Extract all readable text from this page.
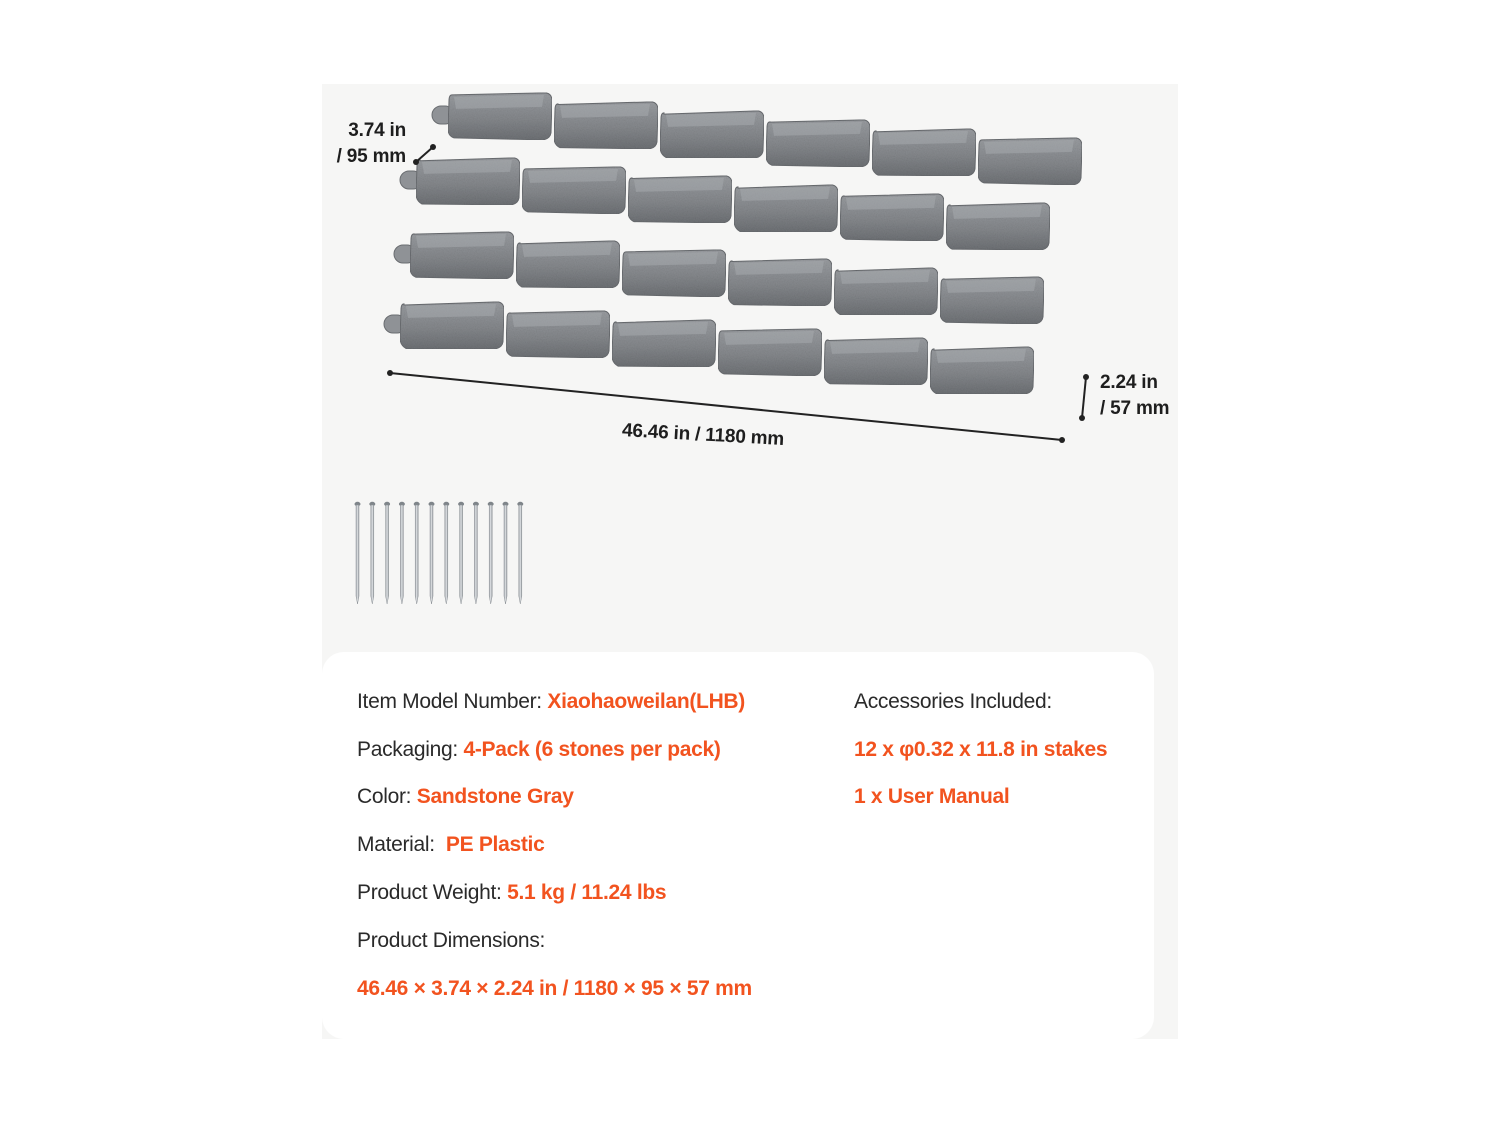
3.74 in
/ 95 mm
2.24 in
/ 57 mm
46.46 in / 1180 mm
Item Model Number: Xiaohaoweilan(LHB)
Packaging: 4-Pack (6 stones per pack)
Color: Sandstone Gray
Material:  PE Plastic
Product Weight: 5.1 kg / 11.24 lbs
Product Dimensions:
46.46 × 3.74 × 2.24 in / 1180 × 95 × 57 mm
Accessories Included:
12 x φ0.32 x 11.8 in stakes
1 x User Manual
